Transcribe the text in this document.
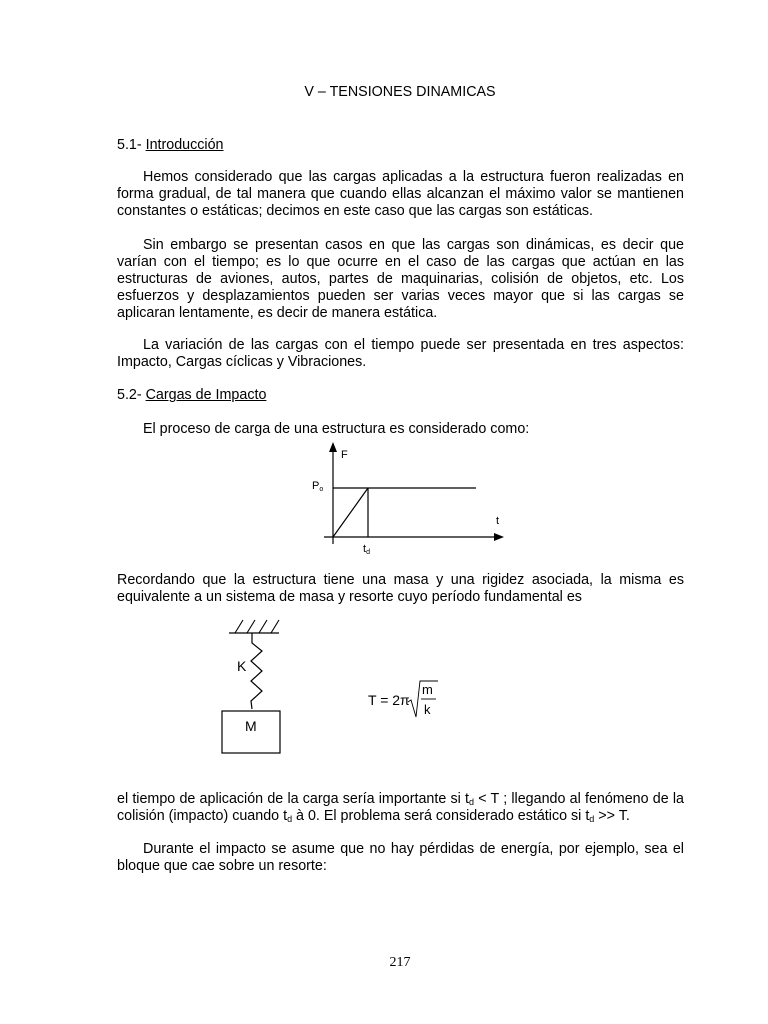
V – TENSIONES DINAMICAS
5.1- Introducción

Hemos considerado que las cargas aplicadas a la estructura fueron realizadas en forma gradual, de tal manera que cuando ellas alcanzan el máximo valor se mantienen constantes o estáticas; decimos en este caso que las cargas son estáticas.

Sin embargo se presentan casos en que las cargas son dinámicas, es decir que varían con el tiempo; es lo que ocurre en el caso de las cargas que actúan en las estructuras de aviones, autos, partes de maquinarias, colisión de objetos, etc. Los esfuerzos y desplazamientos pueden ser varias veces mayor que si las cargas se aplicaran lentamente, es decir de manera estática.

La variación de las cargas con el tiempo puede ser presentada en tres aspectos: Impacto, Cargas cíclicas y Vibraciones.

5.2- Cargas de Impacto

El proceso de carga de una estructura es considerado como:

F
t
Po
td

Recordando que la estructura tiene una masa y una rigidez asociada, la misma es equivalente a un sistema de masa y resorte cuyo período fundamental es

K
M
T = 2π
m
k

el tiempo de aplicación de la carga sería importante si $t_d < T$ ; llegando al fenómeno de la colisión (impacto) cuando $t_d$ à 0. El problema será considerado estático si $t_d >> T$.

Durante el impacto se asume que no hay pérdidas de energía, por ejemplo, sea el bloque que cae sobre un resorte:

217
